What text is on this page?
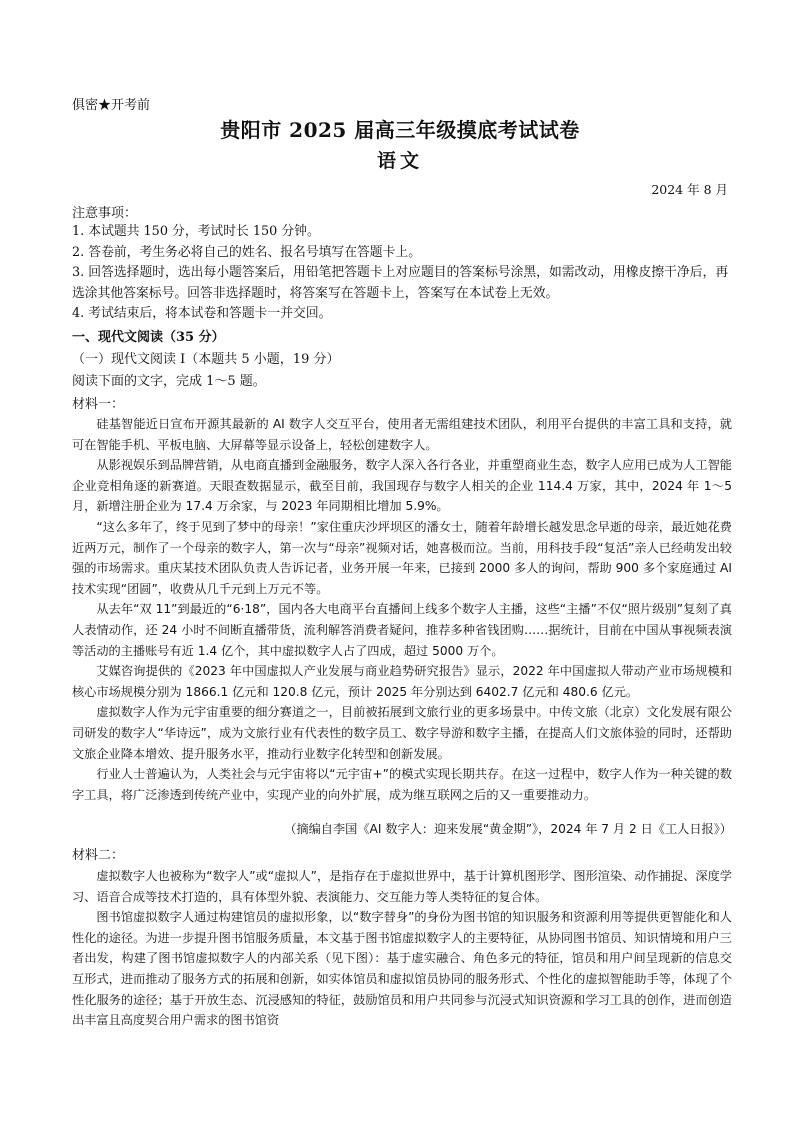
俱密★开考前
贵阳市 2025 届高三年级摸底考试试卷
语文
2024 年 8 月
注意事项：

1. 本试题共 150 分，考试时长 150 分钟。

2. 答卷前，考生务必将自己的姓名、报名号填写在答题卡上。

3. 回答选择题时，选出每小题答案后，用铅笔把答题卡上对应题目的答案标号涂黑，如需改动，用橡皮擦干净后，再选涂其他答案标号。回答非选择题时，将答案写在答题卡上，答案写在本试卷上无效。

4. 考试结束后，将本试卷和答题卡一并交回。

一、现代文阅读（35 分）
（一）现代文阅读 I（本题共 5 小题，19 分）
阅读下面的文字，完成 1～5 题。
材料一：

硅基智能近日宣布开源其最新的 AI 数字人交互平台，使用者无需组建技术团队，利用平台提供的丰富工具和支持，就可在智能手机、平板电脑、大屏幕等显示设备上，轻松创建数字人。

从影视娱乐到品牌营销，从电商直播到金融服务，数字人深入各行各业，并重塑商业生态，数字人应用已成为人工智能企业竞相角逐的新赛道。天眼查数据显示，截至目前，我国现存与数字人相关的企业 114.4 万家，其中，2024 年 1～5 月，新增注册企业为 17.4 万余家，与 2023 年同期相比增加 5.9%。

“这么多年了，终于见到了梦中的母亲！”家住重庆沙坪坝区的潘女士，随着年龄增长越发思念早逝的母亲，最近她花费近两万元，制作了一个母亲的数字人，第一次与“母亲”视频对话，她喜极而泣。当前，用科技手段“复活”亲人已经萌发出较强的市场需求。重庆某技术团队负责人告诉记者，业务开展一年来，已接到 2000 多人的询问，帮助 900 多个家庭通过 AI 技术实现“团圆”，收费从几千元到上万元不等。

从去年“双 11”到最近的“6·18”，国内各大电商平台直播间上线多个数字人主播，这些“主播”不仅“照片级别”复刻了真人表情动作，还 24 小时不间断直播带货，流利解答消费者疑问，推荐多种省钱团购……据统计，目前在中国从事视频表演等活动的主播账号有近 1.4 亿个，其中虚拟数字人占了四成，超过 5000 万个。

艾媒咨询提供的《2023 年中国虚拟人产业发展与商业趋势研究报告》显示，2022 年中国虚拟人带动产业市场规模和核心市场规模分别为 1866.1 亿元和 120.8 亿元，预计 2025 年分别达到 6402.7 亿元和 480.6 亿元。

虚拟数字人作为元宇宙重要的细分赛道之一，目前被拓展到文旅行业的更多场景中。中传文旅（北京）文化发展有限公司研发的数字人“华诗远”，成为文旅行业有代表性的数字员工、数字导游和数字主播，在提高人们文旅体验的同时，还帮助文旅企业降本增效、提升服务水平，推动行业数字化转型和创新发展。

行业人士普遍认为，人类社会与元宇宙将以“元宇宙+”的模式实现长期共存。在这一过程中，数字人作为一种关键的数字工具，将广泛渗透到传统产业中，实现产业的向外扩展，成为继互联网之后的又一重要推动力。

（摘编自李国《AI 数字人：迎来发展“黄金期”》，2024 年 7 月 2 日《工人日报》）
材料二：

虚拟数字人也被称为“数字人”或“虚拟人”，是指存在于虚拟世界中，基于计算机图形学、图形渲染、动作捕捉、深度学习、语音合成等技术打造的，具有体型外貌、表演能力、交互能力等人类特征的复合体。

图书馆虚拟数字人通过构建馆员的虚拟形象，以“数字替身”的身份为图书馆的知识服务和资源利用等提供更智能化和人性化的途径。为进一步提升图书馆服务质量，本文基于图书馆虚拟数字人的主要特征，从协同图书馆员、知识情境和用户三者出发，构建了图书馆虚拟数字人的内部关系（见下图）：基于虚实融合、角色多元的特征，馆员和用户间呈现新的信息交互形式，进而推动了服务方式的拓展和创新，如实体馆员和虚拟馆员协同的服务形式、个性化的虚拟智能助手等，体现了个性化服务的途径；基于开放生态、沉浸感知的特征，鼓励馆员和用户共同参与沉浸式知识资源和学习工具的创作，进而创造出丰富且高度契合用户需求的图书馆资
